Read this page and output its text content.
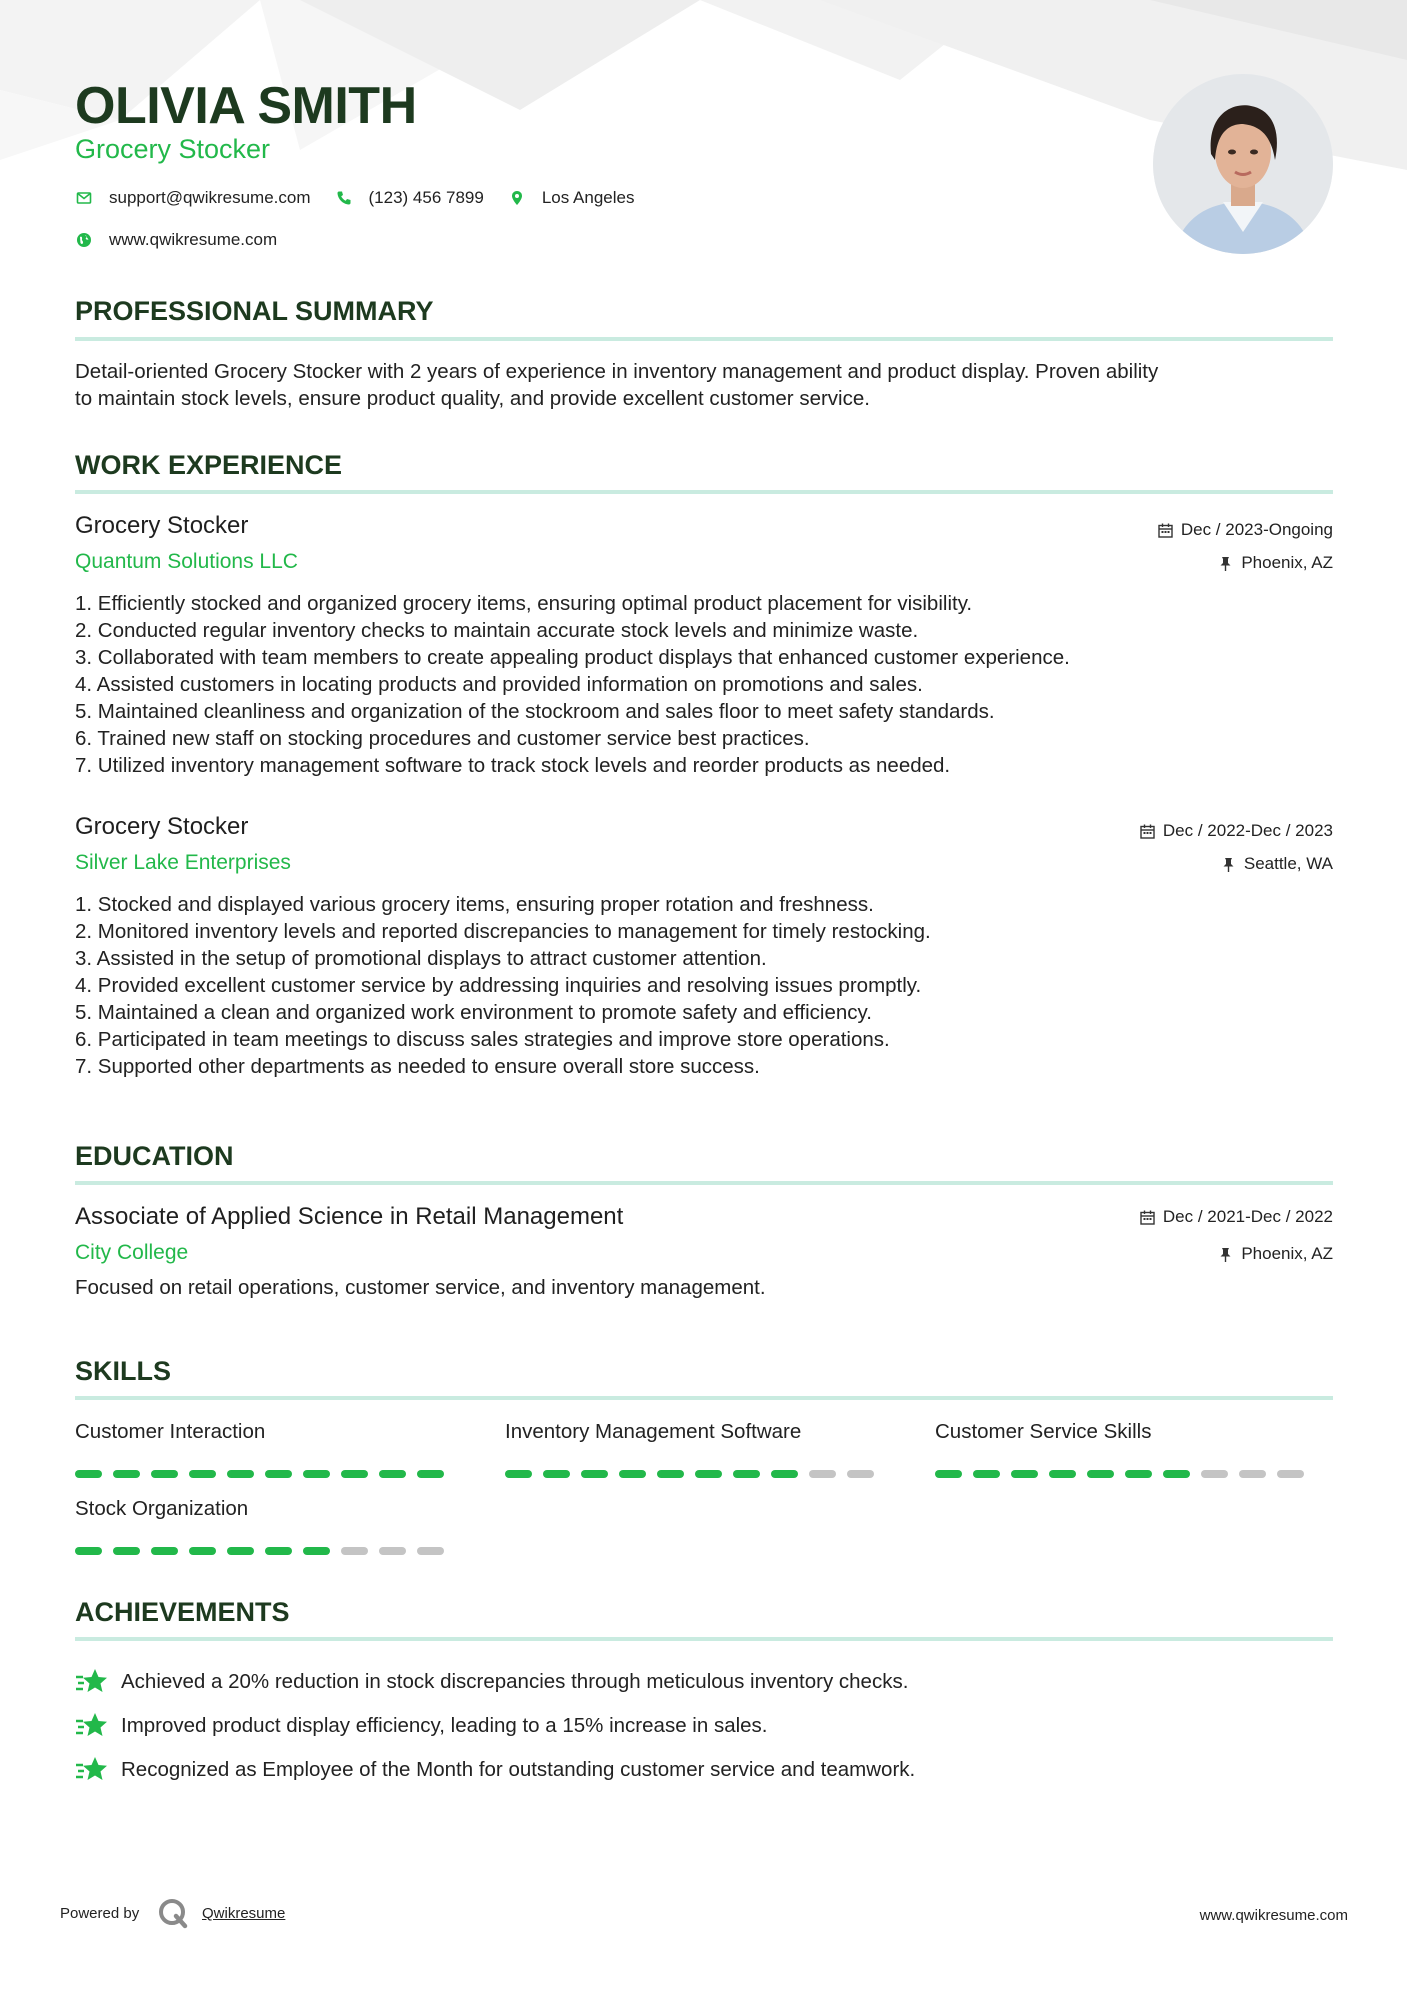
OLIVIA SMITH
Grocery Stocker
support@qwikresume.com	(123) 456 7899	Los Angeles
www.qwikresume.com
PROFESSIONAL SUMMARY
Detail-oriented Grocery Stocker with 2 years of experience in inventory management and product display. Proven ability
to maintain stock levels, ensure product quality, and provide excellent customer service.
WORK EXPERIENCE
Grocery Stocker	Dec / 2023-Ongoing
Quantum Solutions LLC	Phoenix, AZ
1. Efficiently stocked and organized grocery items, ensuring optimal product placement for visibility.
2. Conducted regular inventory checks to maintain accurate stock levels and minimize waste.
3. Collaborated with team members to create appealing product displays that enhanced customer experience.
4. Assisted customers in locating products and provided information on promotions and sales.
5. Maintained cleanliness and organization of the stockroom and sales floor to meet safety standards.
6. Trained new staff on stocking procedures and customer service best practices.
7. Utilized inventory management software to track stock levels and reorder products as needed.
Grocery Stocker	Dec / 2022-Dec / 2023
Silver Lake Enterprises	Seattle, WA
1. Stocked and displayed various grocery items, ensuring proper rotation and freshness.
2. Monitored inventory levels and reported discrepancies to management for timely restocking.
3. Assisted in the setup of promotional displays to attract customer attention.
4. Provided excellent customer service by addressing inquiries and resolving issues promptly.
5. Maintained a clean and organized work environment to promote safety and efficiency.
6. Participated in team meetings to discuss sales strategies and improve store operations.
7. Supported other departments as needed to ensure overall store success.
EDUCATION
Associate of Applied Science in Retail Management	Dec / 2021-Dec / 2022
City College	Phoenix, AZ
Focused on retail operations, customer service, and inventory management.
SKILLS
Customer Interaction	Inventory Management Software	Customer Service Skills
Stock Organization
ACHIEVEMENTS
Achieved a 20% reduction in stock discrepancies through meticulous inventory checks.
Improved product display efficiency, leading to a 15% increase in sales.
Recognized as Employee of the Month for outstanding customer service and teamwork.
Powered by	Qwikresume	www.qwikresume.com
